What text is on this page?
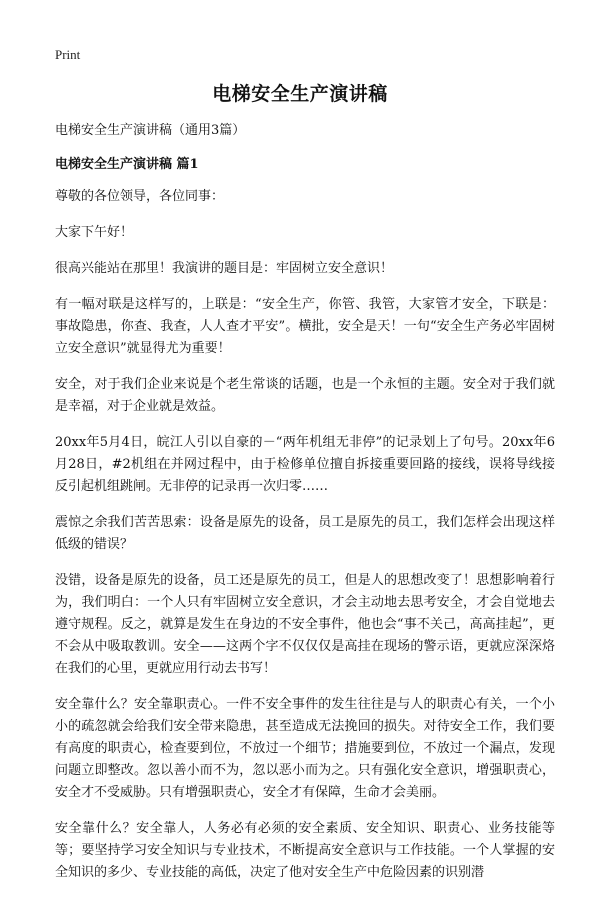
Print
电梯安全生产演讲稿

电梯安全生产演讲稿（通用3篇）

电梯安全生产演讲稿 篇1

尊敬的各位领导，各位同事：

大家下午好！

很高兴能站在那里！我演讲的题目是：牢固树立安全意识！

有一幅对联是这样写的，上联是：“安全生产，你管、我管，大家管才安全，下联是：事故隐患，你查、我查，人人查才平安”。横批，安全是天！一句“安全生产务必牢固树立安全意识”就显得尤为重要！

安全，对于我们企业来说是个老生常谈的话题，也是一个永恒的主题。安全对于我们就是幸福，对于企业就是效益。

20xx年5月4日，皖江人引以自豪的－“两年机组无非停”的记录划上了句号。20xx年6月28日，#2机组在并网过程中，由于检修单位擅自拆接重要回路的接线，误将导线接反引起机组跳闸。无非停的记录再一次归零……

震惊之余我们苦苦思索：设备是原先的设备，员工是原先的员工，我们怎样会出现这样低级的错误？

没错，设备是原先的设备，员工还是原先的员工，但是人的思想改变了！思想影响着行为，我们明白：一个人只有牢固树立安全意识，才会主动地去思考安全，才会自觉地去遵守规程。反之，就算是发生在身边的不安全事件，他也会“事不关己，高高挂起”，更不会从中吸取教训。安全——这两个字不仅仅仅是高挂在现场的警示语，更就应深深烙在我们的心里，更就应用行动去书写！

安全靠什么？安全靠职责心。一件不安全事件的发生往往是与人的职责心有关，一个小小的疏忽就会给我们安全带来隐患，甚至造成无法挽回的损失。对待安全工作，我们要有高度的职责心，检查要到位，不放过一个细节；措施要到位，不放过一个漏点，发现问题立即整改。忽以善小而不为，忽以恶小而为之。只有强化安全意识，增强职责心，安全才不受威胁。只有增强职责心，安全才有保障，生命才会美丽。

安全靠什么？安全靠人，人务必有必须的安全素质、安全知识、职责心、业务技能等等；要坚持学习安全知识与专业技术，不断提高安全意识与工作技能。一个人掌握的安全知识的多少、专业技能的高低，决定了他对安全生产中危险因素的识别潜
